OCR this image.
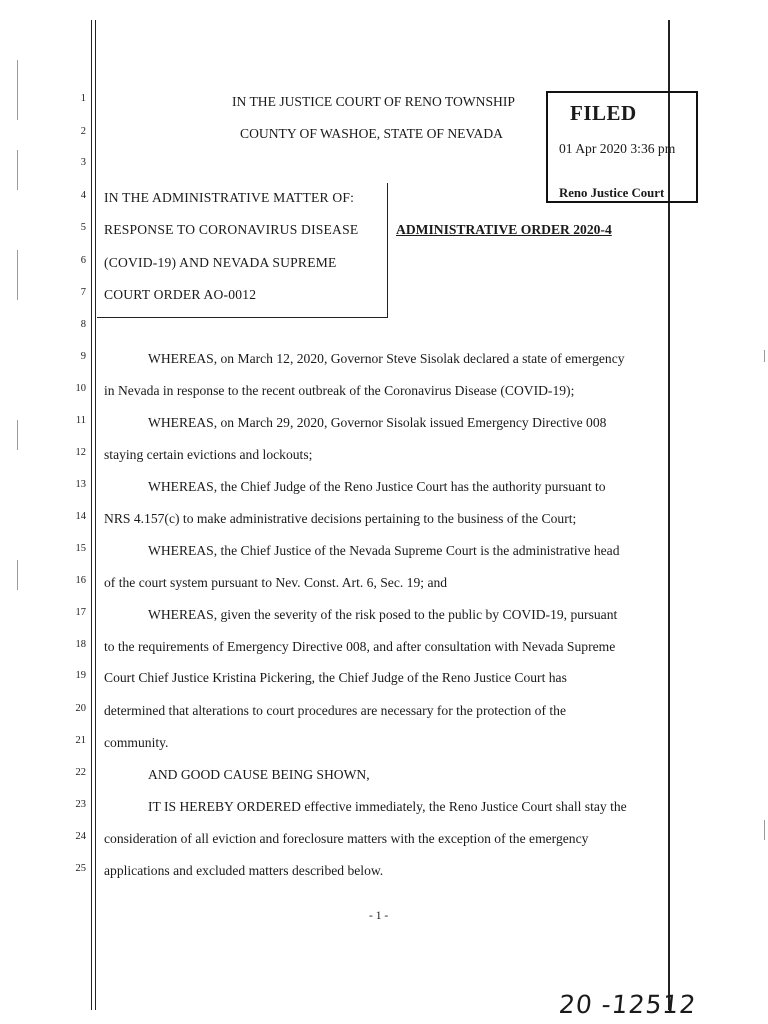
1
2
3
4
5
6
7
8
9
10
11
12
13
14
15
16
17
18
19
20
21
22
23
24
25
IN THE JUSTICE COURT OF RENO TOWNSHIP
COUNTY OF WASHOE, STATE OF NEVADA
FILED
01 Apr 2020 3:36 pm
Reno Justice Court
IN THE ADMINISTRATIVE MATTER OF:
RESPONSE TO CORONAVIRUS DISEASE
(COVID-19) AND NEVADA SUPREME
COURT ORDER AO-0012
ADMINISTRATIVE ORDER 2020-4
WHEREAS, on March 12, 2020, Governor Steve Sisolak declared a state of emergency
in Nevada in response to the recent outbreak of the Coronavirus Disease (COVID-19);
WHEREAS, on March 29, 2020, Governor Sisolak issued Emergency Directive 008
staying certain evictions and lockouts;
WHEREAS, the Chief Judge of the Reno Justice Court has the authority pursuant to
NRS 4.157(c) to make administrative decisions pertaining to the business of the Court;
WHEREAS, the Chief Justice of the Nevada Supreme Court is the administrative head
of the court system pursuant to Nev. Const. Art. 6, Sec. 19; and
WHEREAS, given the severity of the risk posed to the public by COVID-19, pursuant
to the requirements of Emergency Directive 008, and after consultation with Nevada Supreme
Court Chief Justice Kristina Pickering, the Chief Judge of the Reno Justice Court has
determined that alterations to court procedures are necessary for the protection of the
community.
AND GOOD CAUSE BEING SHOWN,
IT IS HEREBY ORDERED effective immediately, the Reno Justice Court shall stay the
consideration of all eviction and foreclosure matters with the exception of the emergency
applications and excluded matters described below.
- 1 -
20 -12512
